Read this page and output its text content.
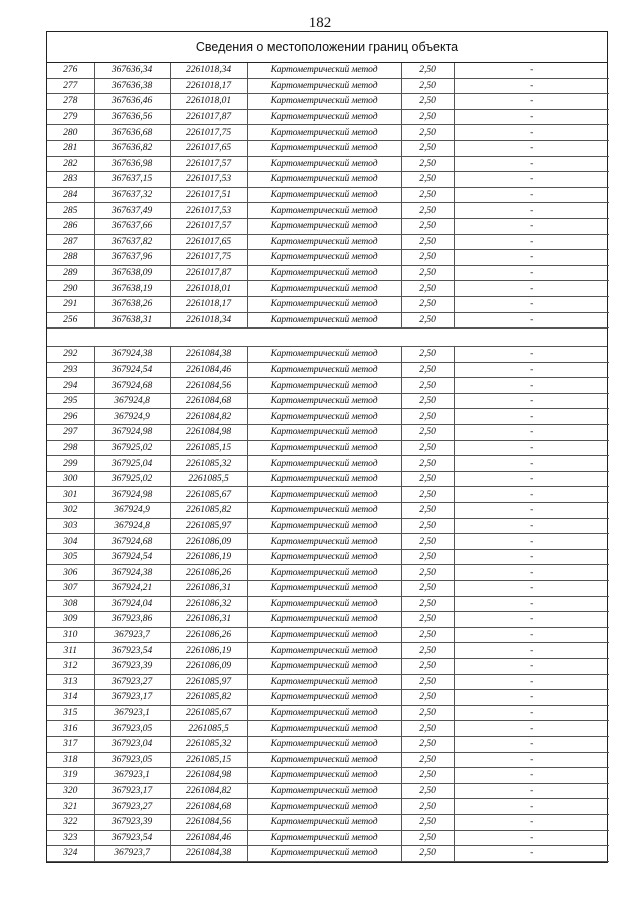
182
Сведения о местоположении границ объекта
276	367636,34	2261018,34	Картометрический метод	2,50	-
277	367636,38	2261018,17	Картометрический метод	2,50	-
278	367636,46	2261018,01	Картометрический метод	2,50	-
279	367636,56	2261017,87	Картометрический метод	2,50	-
280	367636,68	2261017,75	Картометрический метод	2,50	-
281	367636,82	2261017,65	Картометрический метод	2,50	-
282	367636,98	2261017,57	Картометрический метод	2,50	-
283	367637,15	2261017,53	Картометрический метод	2,50	-
284	367637,32	2261017,51	Картометрический метод	2,50	-
285	367637,49	2261017,53	Картометрический метод	2,50	-
286	367637,66	2261017,57	Картометрический метод	2,50	-
287	367637,82	2261017,65	Картометрический метод	2,50	-
288	367637,96	2261017,75	Картометрический метод	2,50	-
289	367638,09	2261017,87	Картометрический метод	2,50	-
290	367638,19	2261018,01	Картометрический метод	2,50	-
291	367638,26	2261018,17	Картометрический метод	2,50	-
256	367638,31	2261018,34	Картометрический метод	2,50	-
292	367924,38	2261084,38	Картометрический метод	2,50	-
293	367924,54	2261084,46	Картометрический метод	2,50	-
294	367924,68	2261084,56	Картометрический метод	2,50	-
295	367924,8	2261084,68	Картометрический метод	2,50	-
296	367924,9	2261084,82	Картометрический метод	2,50	-
297	367924,98	2261084,98	Картометрический метод	2,50	-
298	367925,02	2261085,15	Картометрический метод	2,50	-
299	367925,04	2261085,32	Картометрический метод	2,50	-
300	367925,02	2261085,5	Картометрический метод	2,50	-
301	367924,98	2261085,67	Картометрический метод	2,50	-
302	367924,9	2261085,82	Картометрический метод	2,50	-
303	367924,8	2261085,97	Картометрический метод	2,50	-
304	367924,68	2261086,09	Картометрический метод	2,50	-
305	367924,54	2261086,19	Картометрический метод	2,50	-
306	367924,38	2261086,26	Картометрический метод	2,50	-
307	367924,21	2261086,31	Картометрический метод	2,50	-
308	367924,04	2261086,32	Картометрический метод	2,50	-
309	367923,86	2261086,31	Картометрический метод	2,50	-
310	367923,7	2261086,26	Картометрический метод	2,50	-
311	367923,54	2261086,19	Картометрический метод	2,50	-
312	367923,39	2261086,09	Картометрический метод	2,50	-
313	367923,27	2261085,97	Картометрический метод	2,50	-
314	367923,17	2261085,82	Картометрический метод	2,50	-
315	367923,1	2261085,67	Картометрический метод	2,50	-
316	367923,05	2261085,5	Картометрический метод	2,50	-
317	367923,04	2261085,32	Картометрический метод	2,50	-
318	367923,05	2261085,15	Картометрический метод	2,50	-
319	367923,1	2261084,98	Картометрический метод	2,50	-
320	367923,17	2261084,82	Картометрический метод	2,50	-
321	367923,27	2261084,68	Картометрический метод	2,50	-
322	367923,39	2261084,56	Картометрический метод	2,50	-
323	367923,54	2261084,46	Картометрический метод	2,50	-
324	367923,7	2261084,38	Картометрический метод	2,50	-
